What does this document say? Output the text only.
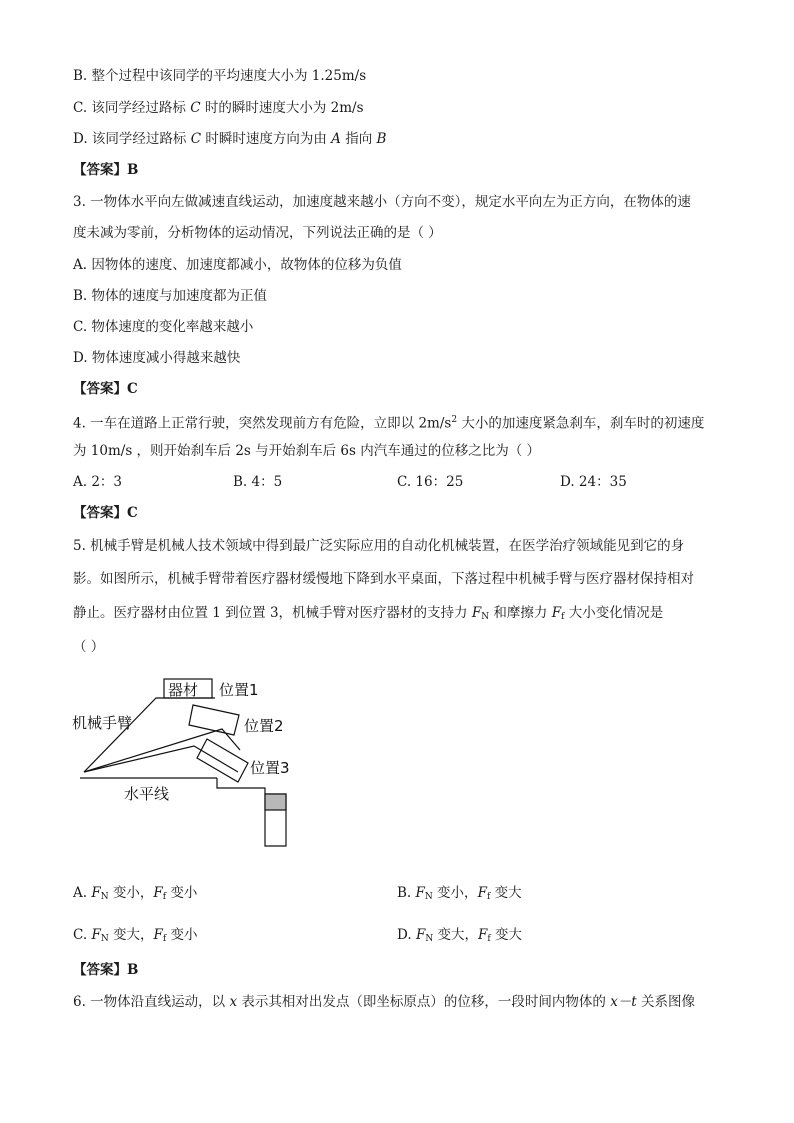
B. 整个过程中该同学的平均速度大小为 1.25m/s
C. 该同学经过路标 C 时的瞬时速度大小为 2m/s
D. 该同学经过路标 C 时瞬时速度方向为由 A 指向 B
【答案】B
3. 一物体水平向左做减速直线运动，加速度越来越小（方向不变），规定水平向左为正方向，在物体的速
度未减为零前，分析物体的运动情况，下列说法正确的是（ ）
A. 因物体的速度、加速度都减小，故物体的位移为负值
B. 物体的速度与加速度都为正值
C. 物体速度的变化率越来越小
D. 物体速度减小得越来越快
【答案】C
4. 一车在道路上正常行驶，突然发现前方有危险，立即以 $2m/s^2$ 大小的加速度紧急刹车，刹车时的初速度
为 10m/s ，则开始刹车后 2s 与开始刹车后 6s 内汽车通过的位移之比为（ ）
A. 2：3	B. 4：5	C. 16：25	D. 24：35
【答案】C
5. 机械手臂是机械人技术领域中得到最广泛实际应用的自动化机械装置，在医学治疗领域能见到它的身
影。如图所示，机械手臂带着医疗器材缓慢地下降到水平桌面，下落过程中机械手臂与医疗器材保持相对
静止。医疗器材由位置 1 到位置 3，机械手臂对医疗器材的支持力 $F_N$ 和摩擦力 $F_f$ 大小变化情况是
（ ）
器材 位置1
位置2
位置3
机械手臂
水平线
A. $F_N$ 变小，$F_f$ 变小	B. $F_N$ 变小，$F_f$ 变大
C. $F_N$ 变大，$F_f$ 变小	D. $F_N$ 变大，$F_f$ 变大
【答案】B
6. 一物体沿直线运动，以 x 表示其相对出发点（即坐标原点）的位移，一段时间内物体的 x－t 关系图像
